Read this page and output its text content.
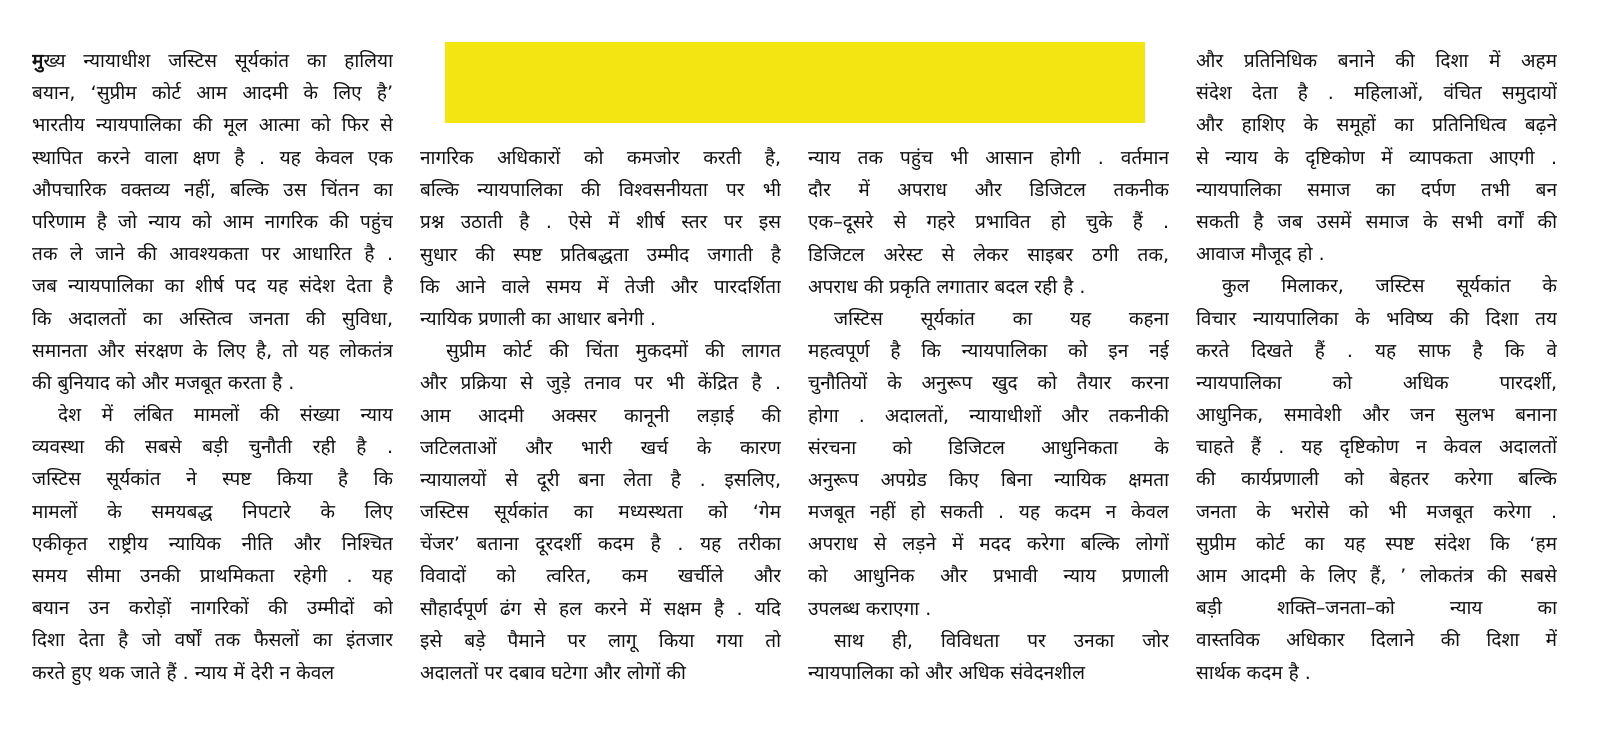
मुख्य न्यायाधीश जस्टिस सूर्यकांत का हालिया
बयान, ‘सुप्रीम कोर्ट आम आदमी के लिए है’
भारतीय न्यायपालिका की मूल आत्मा को फिर से
स्थापित करने वाला क्षण है . यह केवल एक
औपचारिक वक्तव्य नहीं, बल्कि उस चिंतन का
परिणाम है जो न्याय को आम नागरिक की पहुंच
तक ले जाने की आवश्यकता पर आधारित है .
जब न्यायपालिका का शीर्ष पद यह संदेश देता है
कि अदालतों का अस्तित्व जनता की सुविधा,
समानता और संरक्षण के लिए है, तो यह लोकतंत्र
की बुनियाद को और मजबूत करता है .
देश में लंबित मामलों की संख्या न्याय
व्यवस्था की सबसे बड़ी चुनौती रही है .
जस्टिस सूर्यकांत ने स्पष्ट किया है कि
मामलों के समयबद्ध निपटारे के लिए
एकीकृत राष्ट्रीय न्यायिक नीति और निश्चित
समय सीमा उनकी प्राथमिकता रहेगी . यह
बयान उन करोड़ों नागरिकों की उम्मीदों को
दिशा देता है जो वर्षों तक फैसलों का इंतजार
करते हुए थक जाते हैं . न्याय में देरी न केवल
नागरिक अधिकारों को कमजोर करती है,
बल्कि न्यायपालिका की विश्वसनीयता पर भी
प्रश्न उठाती है . ऐसे में शीर्ष स्तर पर इस
सुधार की स्पष्ट प्रतिबद्धता उम्मीद जगाती है
कि आने वाले समय में तेजी और पारदर्शिता
न्यायिक प्रणाली का आधार बनेगी .
सुप्रीम कोर्ट की चिंता मुकदमों की लागत
और प्रक्रिया से जुड़े तनाव पर भी केंद्रित है .
आम आदमी अक्सर कानूनी लड़ाई की
जटिलताओं और भारी खर्च के कारण
न्यायालयों से दूरी बना लेता है . इसलिए,
जस्टिस सूर्यकांत का मध्यस्थता को ‘गेम
चेंजर’ बताना दूरदर्शी कदम है . यह तरीका
विवादों को त्वरित, कम खर्चीले और
सौहार्दपूर्ण ढंग से हल करने में सक्षम है . यदि
इसे बड़े पैमाने पर लागू किया गया तो
अदालतों पर दबाव घटेगा और लोगों की
न्याय तक पहुंच भी आसान होगी . वर्तमान
दौर में अपराध और डिजिटल तकनीक
एक–दूसरे से गहरे प्रभावित हो चुके हैं .
डिजिटल अरेस्ट से लेकर साइबर ठगी तक,
अपराध की प्रकृति लगातार बदल रही है .
जस्टिस सूर्यकांत का यह कहना
महत्वपूर्ण है कि न्यायपालिका को इन नई
चुनौतियों के अनुरूप खुद को तैयार करना
होगा . अदालतों, न्यायाधीशों और तकनीकी
संरचना को डिजिटल आधुनिकता के
अनुरूप अपग्रेड किए बिना न्यायिक क्षमता
मजबूत नहीं हो सकती . यह कदम न केवल
अपराध से लड़ने में मदद करेगा बल्कि लोगों
को आधुनिक और प्रभावी न्याय प्रणाली
उपलब्ध कराएगा .
साथ ही, विविधता पर उनका जोर
न्यायपालिका को और अधिक संवेदनशील
और प्रतिनिधिक बनाने की दिशा में अहम
संदेश देता है . महिलाओं, वंचित समुदायों
और हाशिए के समूहों का प्रतिनिधित्व बढ़ने
से न्याय के दृष्टिकोण में व्यापकता आएगी .
न्यायपालिका समाज का दर्पण तभी बन
सकती है जब उसमें समाज के सभी वर्गों की
आवाज मौजूद हो .
कुल मिलाकर, जस्टिस सूर्यकांत के
विचार न्यायपालिका के भविष्य की दिशा तय
करते दिखते हैं . यह साफ है कि वे
न्यायपालिका को अधिक पारदर्शी,
आधुनिक, समावेशी और जन सुलभ बनाना
चाहते हैं . यह दृष्टिकोण न केवल अदालतों
की कार्यप्रणाली को बेहतर करेगा बल्कि
जनता के भरोसे को भी मजबूत करेगा .
सुप्रीम कोर्ट का यह स्पष्ट संदेश कि ‘हम
आम आदमी के लिए हैं, ’ लोकतंत्र की सबसे
बड़ी शक्ति–जनता–को न्याय का
वास्तविक अधिकार दिलाने की दिशा में
सार्थक कदम है .
